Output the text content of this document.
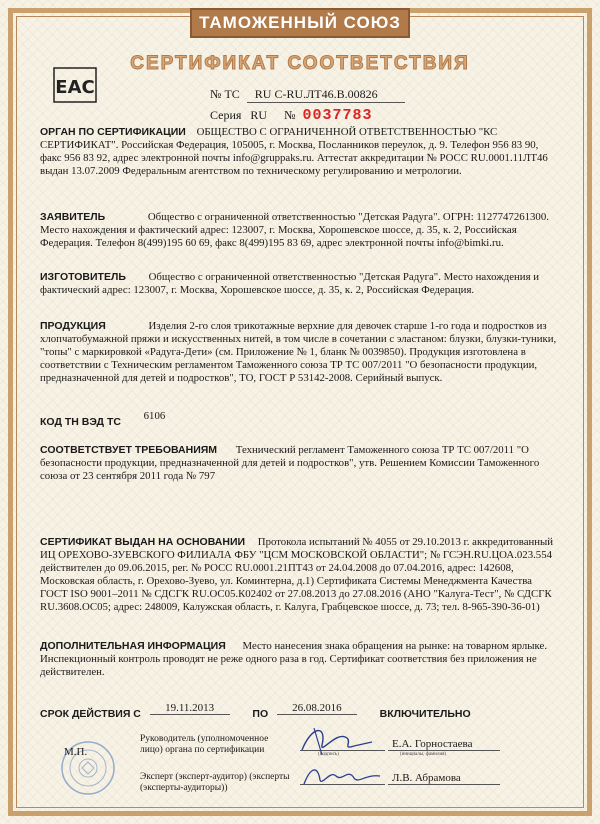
ТАМОЖЕННЫЙ СОЮЗ
СЕРТИФИКАТ СООТВЕТСТВИЯ
ЕАС	№ ТС RU C-RU.ЛТ46.B.00826
Серия RU № 0037783
ОРГАН ПО СЕРТИФИКАЦИИ ОБЩЕСТВО С ОГРАНИЧЕННОЙ ОТВЕТСТВЕННОСТЬЮ "КС СЕРТИФИКАТ". Российская Федерация, 105005, г. Москва, Посланников переулок, д. 9. Телефон 956 83 90, факс 956 83 92, адрес электронной почты info@gruppaks.ru. Аттестат аккредитации № РОСС RU.0001.11ЛТ46 выдан 13.07.2009 Федеральным агентством по техническому регулированию и метрологии.
ЗАЯВИТЕЛЬ	Общество с ограниченной ответственностью "Детская Радуга". ОГРН: 1127747261300. Место нахождения и фактический адрес: 123007, г. Москва, Хорошевское шоссе, д. 35, к. 2, Российская Федерация. Телефон 8(499)195 60 69, факс 8(499)195 83 69, адрес электронной почты info@bimki.ru.
ИЗГОТОВИТЕЛЬ Общество с ограниченной ответственностью "Детская Радуга". Место нахождения и фактический адрес: 123007, г. Москва, Хорошевское шоссе, д. 35, к. 2, Российская Федерация.
ПРОДУКЦИЯ	Изделия 2-го слоя трикотажные верхние для девочек старше 1-го года и подростков из хлопчатобумажной пряжи и искусственных нитей, в том числе в сочетании с эластаном: блузки, блузки-туники, "топы" с маркировкой «Радуга-Дети» (см. Приложение № 1, бланк № 0039850). Продукция изготовлена в соответствии с Техническим регламентом Таможенного союза ТР ТС 007/2011 "О безопасности продукции, предназначенной для детей и подростков", ТО, ГОСТ Р 53142-2008. Серийный выпуск.
КОД ТН ВЭД ТС 6106
СООТВЕТСТВУЕТ ТРЕБОВАНИЯМ Технический регламент Таможенного союза ТР ТС 007/2011 "О безопасности продукции, предназначенной для детей и подростков", утв. Решением Комиссии Таможенного союза от 23 сентября 2011 года № 797
СЕРТИФИКАТ ВЫДАН НА ОСНОВАНИИ Протокола испытаний № 4055 от 29.10.2013 г. аккредитованный ИЦ ОРЕХОВО-ЗУЕВСКОГО ФИЛИАЛА ФБУ "ЦСМ МОСКОВСКОЙ ОБЛАСТИ"; № ГСЭН.RU.ЦОА.023.554 действителен до 09.06.2015, рег. № РОСС RU.0001.21ПТ43 от 24.04.2008 до 07.04.2016, адрес: 142608, Московская область, г. Орехово-Зуево, ул. Коминтерна, д.1) Сертификата Системы Менеджмента Качества ГОСТ ISO 9001–2011 № СДСГК RU.ОС05.К02402 от 27.08.2013 до 27.08.2016 (АНО "Калуга-Тест", № СДСГК RU.3608.ОС05; адрес: 248009, Калужская область, г. Калуга, Грабцевское шоссе, д. 73; тел. 8-965-390-36-01)
ДОПОЛНИТЕЛЬНАЯ ИНФОРМАЦИЯ Место нанесения знака обращения на рынке: на товарном ярлыке. Инспекционный контроль проводят не реже одного раза в год. Сертификат соответствия без приложения не действителен.
СРОК ДЕЙСТВИЯ С 19.11.2013	ПО 26.08.2016	ВКЛЮЧИТЕЛЬНО
М.П.
Руководитель (уполномоченное лицо) органа по сертификации	(подпись)	(инициалы, фамилия)
Е.А. Горностаева
Эксперт (эксперт-аудитор) (эксперты (эксперты-аудиторы))
Л.В. Абрамова
